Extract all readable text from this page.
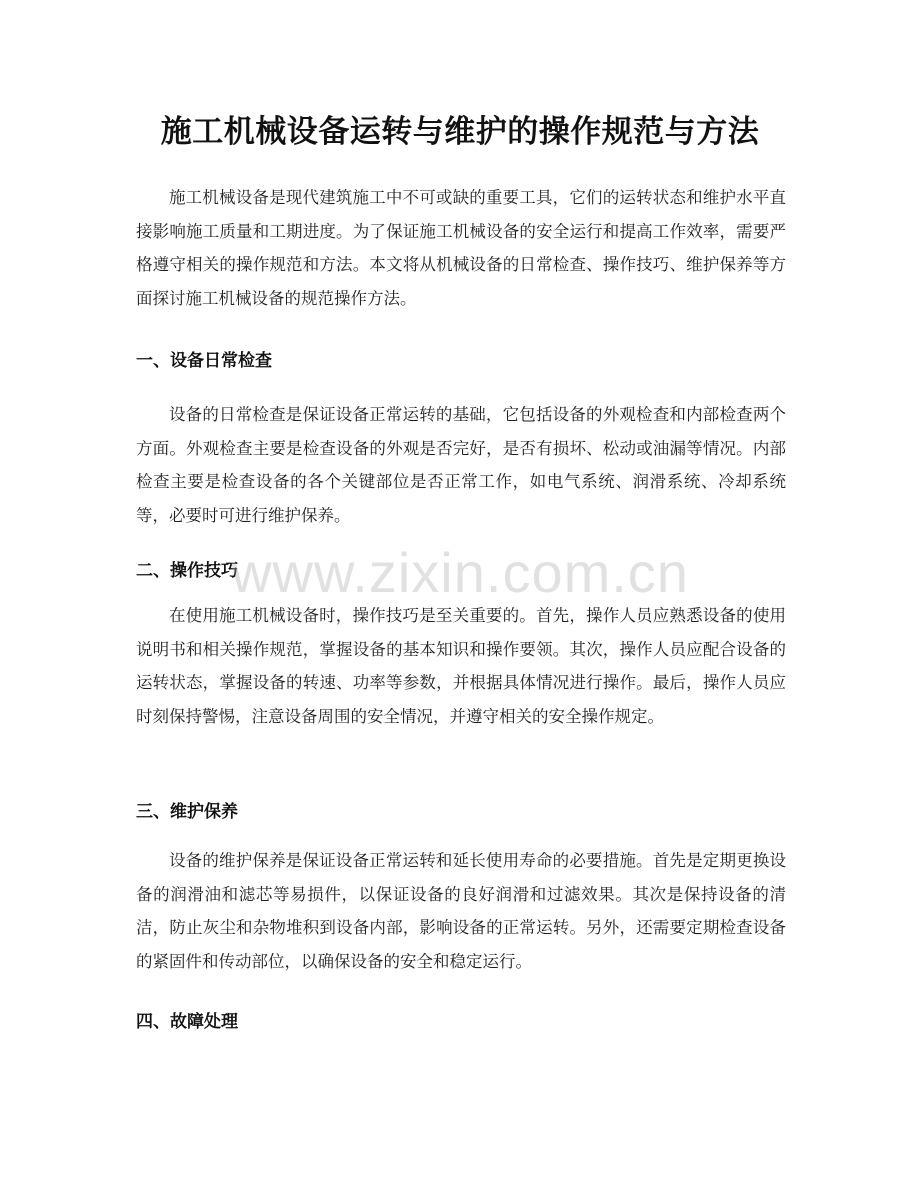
施工机械设备运转与维护的操作规范与方法

施工机械设备是现代建筑施工中不可或缺的重要工具，它们的运转状态和维护水平直接影响施工质量和工期进度。为了保证施工机械设备的安全运行和提高工作效率，需要严格遵守相关的操作规范和方法。本文将从机械设备的日常检查、操作技巧、维护保养等方面探讨施工机械设备的规范操作方法。

一、设备日常检查

设备的日常检查是保证设备正常运转的基础，它包括设备的外观检查和内部检查两个方面。外观检查主要是检查设备的外观是否完好，是否有损坏、松动或油漏等情况。内部检查主要是检查设备的各个关键部位是否正常工作，如电气系统、润滑系统、冷却系统等，必要时可进行维护保养。

二、操作技巧

在使用施工机械设备时，操作技巧是至关重要的。首先，操作人员应熟悉设备的使用说明书和相关操作规范，掌握设备的基本知识和操作要领。其次，操作人员应配合设备的运转状态，掌握设备的转速、功率等参数，并根据具体情况进行操作。最后，操作人员应时刻保持警惕，注意设备周围的安全情况，并遵守相关的安全操作规定。

三、维护保养

设备的维护保养是保证设备正常运转和延长使用寿命的必要措施。首先是定期更换设备的润滑油和滤芯等易损件，以保证设备的良好润滑和过滤效果。其次是保持设备的清洁，防止灰尘和杂物堆积到设备内部，影响设备的正常运转。另外，还需要定期检查设备的紧固件和传动部位，以确保设备的安全和稳定运行。

四、故障处理
www.zixin.com.cn
